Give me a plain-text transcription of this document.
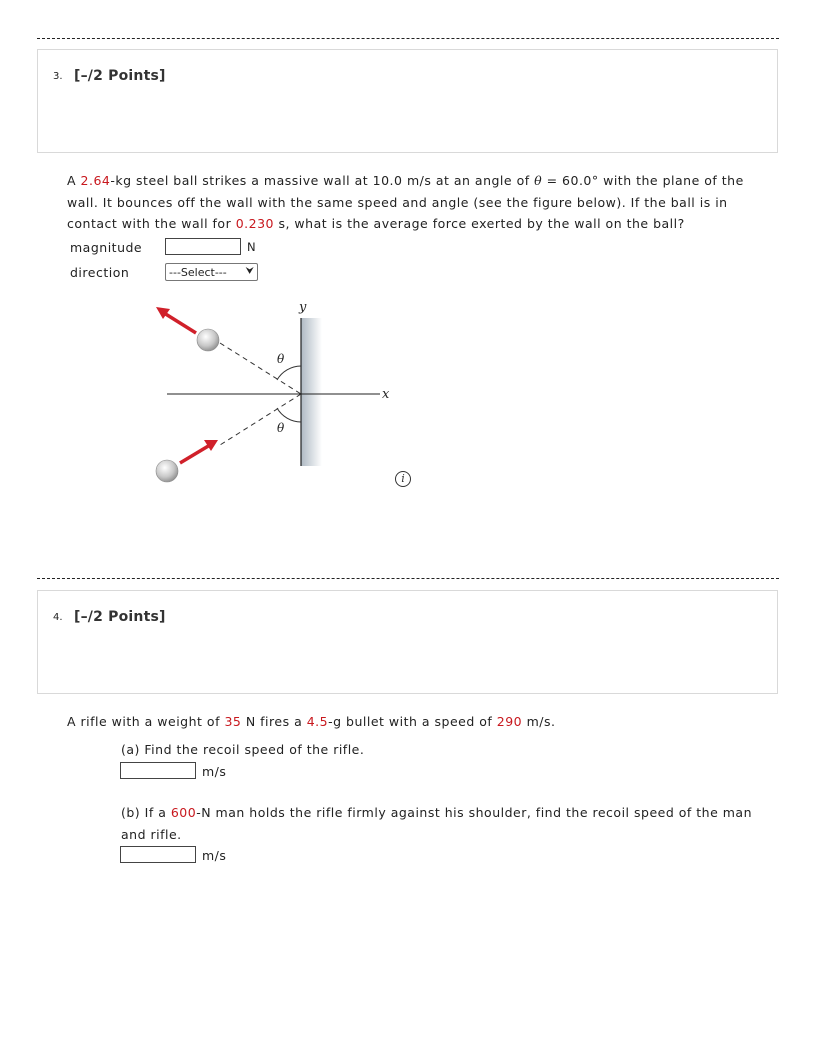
3. [–/2 Points]
A 2.64-kg steel ball strikes a massive wall at 10.0 m/s at an angle of θ = 60.0° with the plane of the wall. It bounces off the wall with the same speed and angle (see the figure below). If the ball is in contact with the wall for 0.230 s, what is the average force exerted by the wall on the ball?
magnitude	N
direction	---Select--- ⮟
y
x
θ
θ
i
4. [–/2 Points]
A rifle with a weight of 35 N fires a 4.5-g bullet with a speed of 290 m/s.
(a) Find the recoil speed of the rifle.
m/s
(b) If a 600-N man holds the rifle firmly against his shoulder, find the recoil speed of the man and rifle.
m/s
